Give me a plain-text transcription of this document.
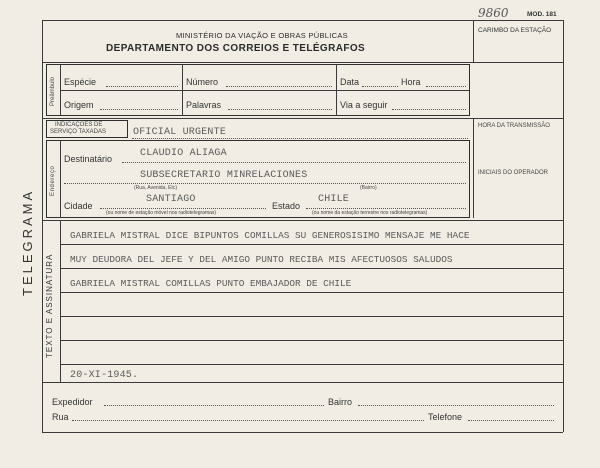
9860	MOD. 181
MINISTÉRIO DA VIAÇÃO E OBRAS PÚBLICAS
DEPARTAMENTO DOS CORREIOS E TELÉGRAFOS
CARIMBO DA ESTAÇÃO
TELEGRAMA
Preâmbulo Espécie	Número	Data	Hora
Origem	Palavras	Via a seguir
HORA DA TRANSMISSÃO
INICIAIS DO OPERADOR
INDICAÇÕES DE
SERVIÇO TAXADAS	OFICIAL URGENTE
Endereço
Destinatário	CLAUDIO ALIAGA
SUBSECRETARIO MINRELACIONES
(Rua, Avenida, Etc)	(Bairro)
SANTIAGO	CHILE
Cidade	Estado
(ou nome de estação móvel nos radiotelegramas)	(ou nome da estação terrestre nos radiotelegramas)
TEXTO E ASSINATURA
GABRIELA MISTRAL DICE BIPUNTOS COMILLAS SU GENEROSISIMO MENSAJE ME HACE
MUY DEUDORA DEL JEFE Y DEL AMIGO PUNTO RECIBA MIS AFECTUOSOS SALUDOS
GABRIELA MISTRAL COMILLAS PUNTO EMBAJADOR DE CHILE
20-XI-1945.
Expedidor	Bairro
Rua	Telefone
